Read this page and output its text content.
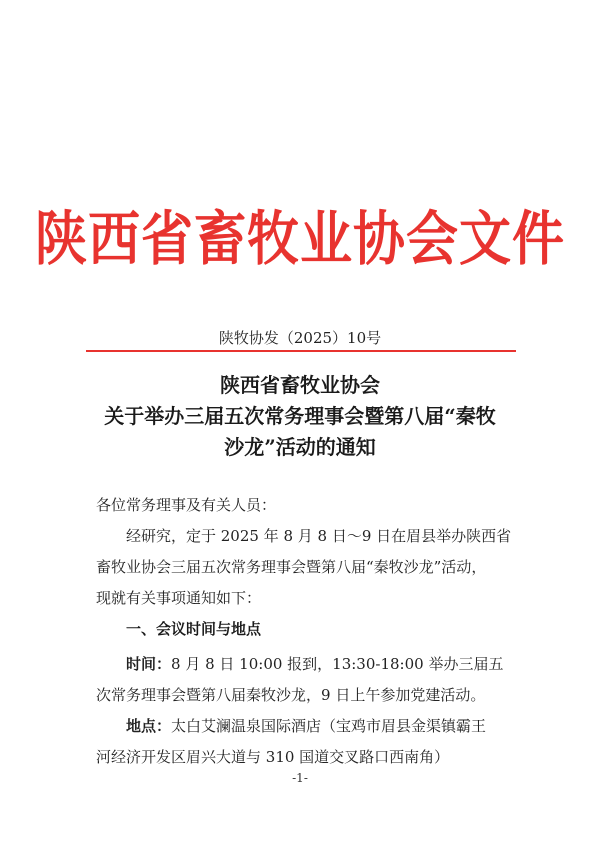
陕西省畜牧业协会文件
陕牧协发（2025）10号
陕西省畜牧业协会
关于举办三届五次常务理事会暨第八届“秦牧
沙龙”活动的通知
各位常务理事及有关人员：
经研究，定于 2025 年 8 月 8 日～9 日在眉县举办陕西省
畜牧业协会三届五次常务理事会暨第八届“秦牧沙龙”活动，
现就有关事项通知如下：
一、会议时间与地点
时间：8 月 8 日 10:00 报到，13:30-18:00 举办三届五
次常务理事会暨第八届秦牧沙龙，9 日上午参加党建活动。
地点：太白艾澜温泉国际酒店（宝鸡市眉县金渠镇霸王
河经济开发区眉兴大道与 310 国道交叉路口西南角）
-1-
